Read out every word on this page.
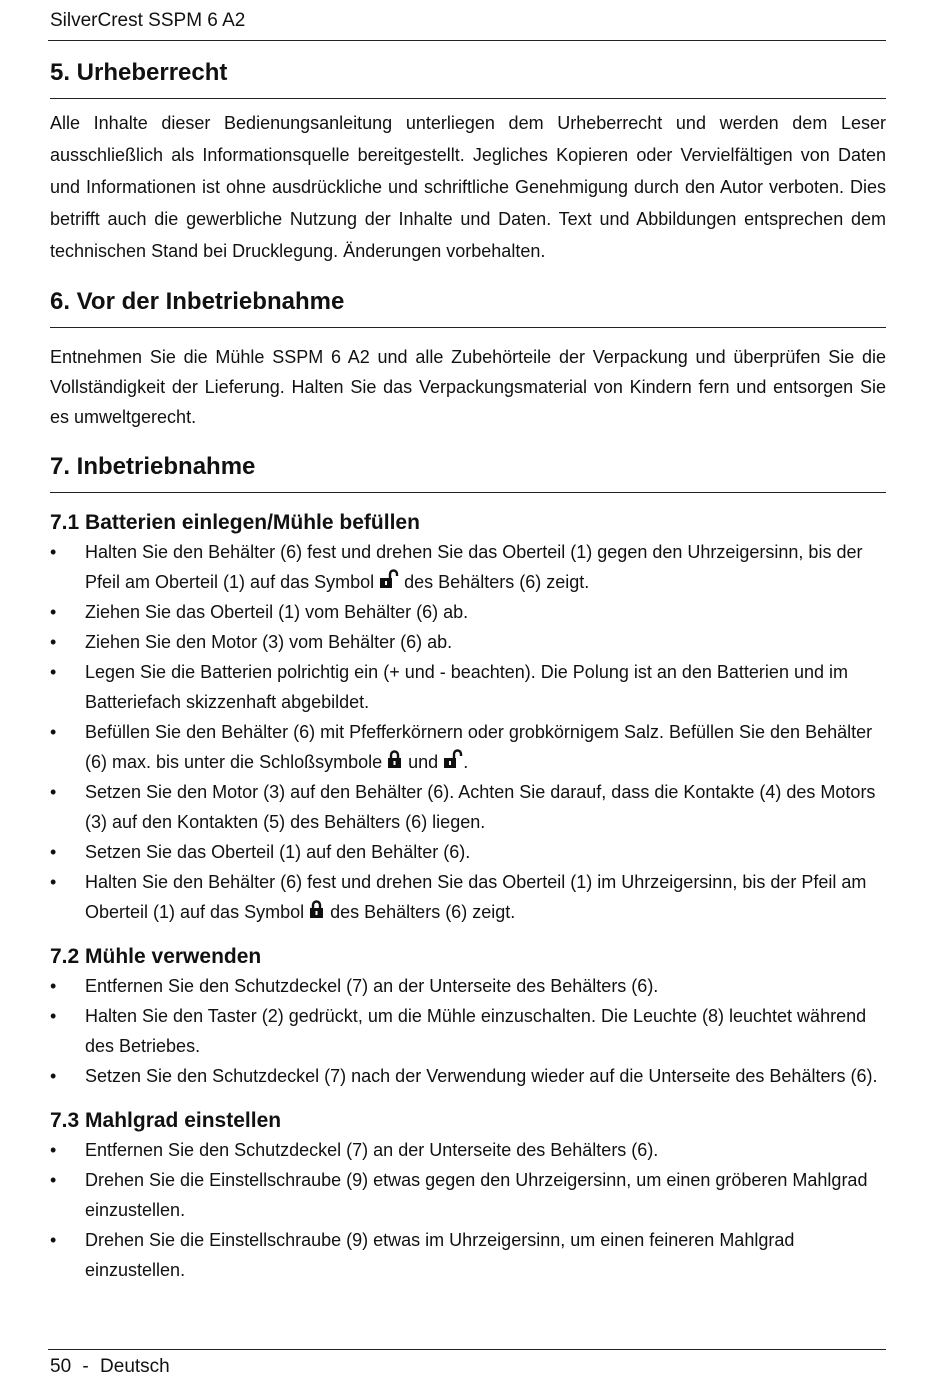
SilverCrest SSPM 6 A2
5. Urheberrecht

Alle Inhalte dieser Bedienungsanleitung unterliegen dem Urheberrecht und werden dem Leser ausschließlich als Informationsquelle bereitgestellt. Jegliches Kopieren oder Vervielfältigen von Daten und Informationen ist ohne ausdrückliche und schriftliche Genehmigung durch den Autor verboten. Dies betrifft auch die gewerbliche Nutzung der Inhalte und Daten. Text und Abbildungen entsprechen dem technischen Stand bei Drucklegung. Änderungen vorbehalten.

6. Vor der Inbetriebnahme

Entnehmen Sie die Mühle SSPM 6 A2 und alle Zubehörteile der Verpackung und überprüfen Sie die Vollständigkeit der Lieferung. Halten Sie das Verpackungsmaterial von Kindern fern und entsorgen Sie es umweltgerecht.

7. Inbetriebnahme
7.1 Batterien einlegen/Mühle befüllen
• Halten Sie den Behälter (6) fest und drehen Sie das Oberteil (1) gegen den Uhrzeigersinn, bis der Pfeil am Oberteil (1) auf das Symbol des Behälters (6) zeigt.
• Ziehen Sie das Oberteil (1) vom Behälter (6) ab.
• Ziehen Sie den Motor (3) vom Behälter (6) ab.
• Legen Sie die Batterien polrichtig ein (+ und - beachten). Die Polung ist an den Batterien und im Batteriefach skizzenhaft abgebildet.
• Befüllen Sie den Behälter (6) mit Pfefferkörnern oder grobkörnigem Salz. Befüllen Sie den Behälter (6) max. bis unter die Schloßsymbole und .
• Setzen Sie den Motor (3) auf den Behälter (6). Achten Sie darauf, dass die Kontakte (4) des Motors (3) auf den Kontakten (5) des Behälters (6) liegen.
• Setzen Sie das Oberteil (1) auf den Behälter (6).
• Halten Sie den Behälter (6) fest und drehen Sie das Oberteil (1) im Uhrzeigersinn, bis der Pfeil am Oberteil (1) auf das Symbol des Behälters (6) zeigt.
7.2 Mühle verwenden
• Entfernen Sie den Schutzdeckel (7) an der Unterseite des Behälters (6).
• Halten Sie den Taster (2) gedrückt, um die Mühle einzuschalten. Die Leuchte (8) leuchtet während des Betriebes.
• Setzen Sie den Schutzdeckel (7) nach der Verwendung wieder auf die Unterseite des Behälters (6).
7.3 Mahlgrad einstellen
• Entfernen Sie den Schutzdeckel (7) an der Unterseite des Behälters (6).
• Drehen Sie die Einstellschraube (9) etwas gegen den Uhrzeigersinn, um einen gröberen Mahlgrad einzustellen.
• Drehen Sie die Einstellschraube (9) etwas im Uhrzeigersinn, um einen feineren Mahlgrad einzustellen.
50 - Deutsch
